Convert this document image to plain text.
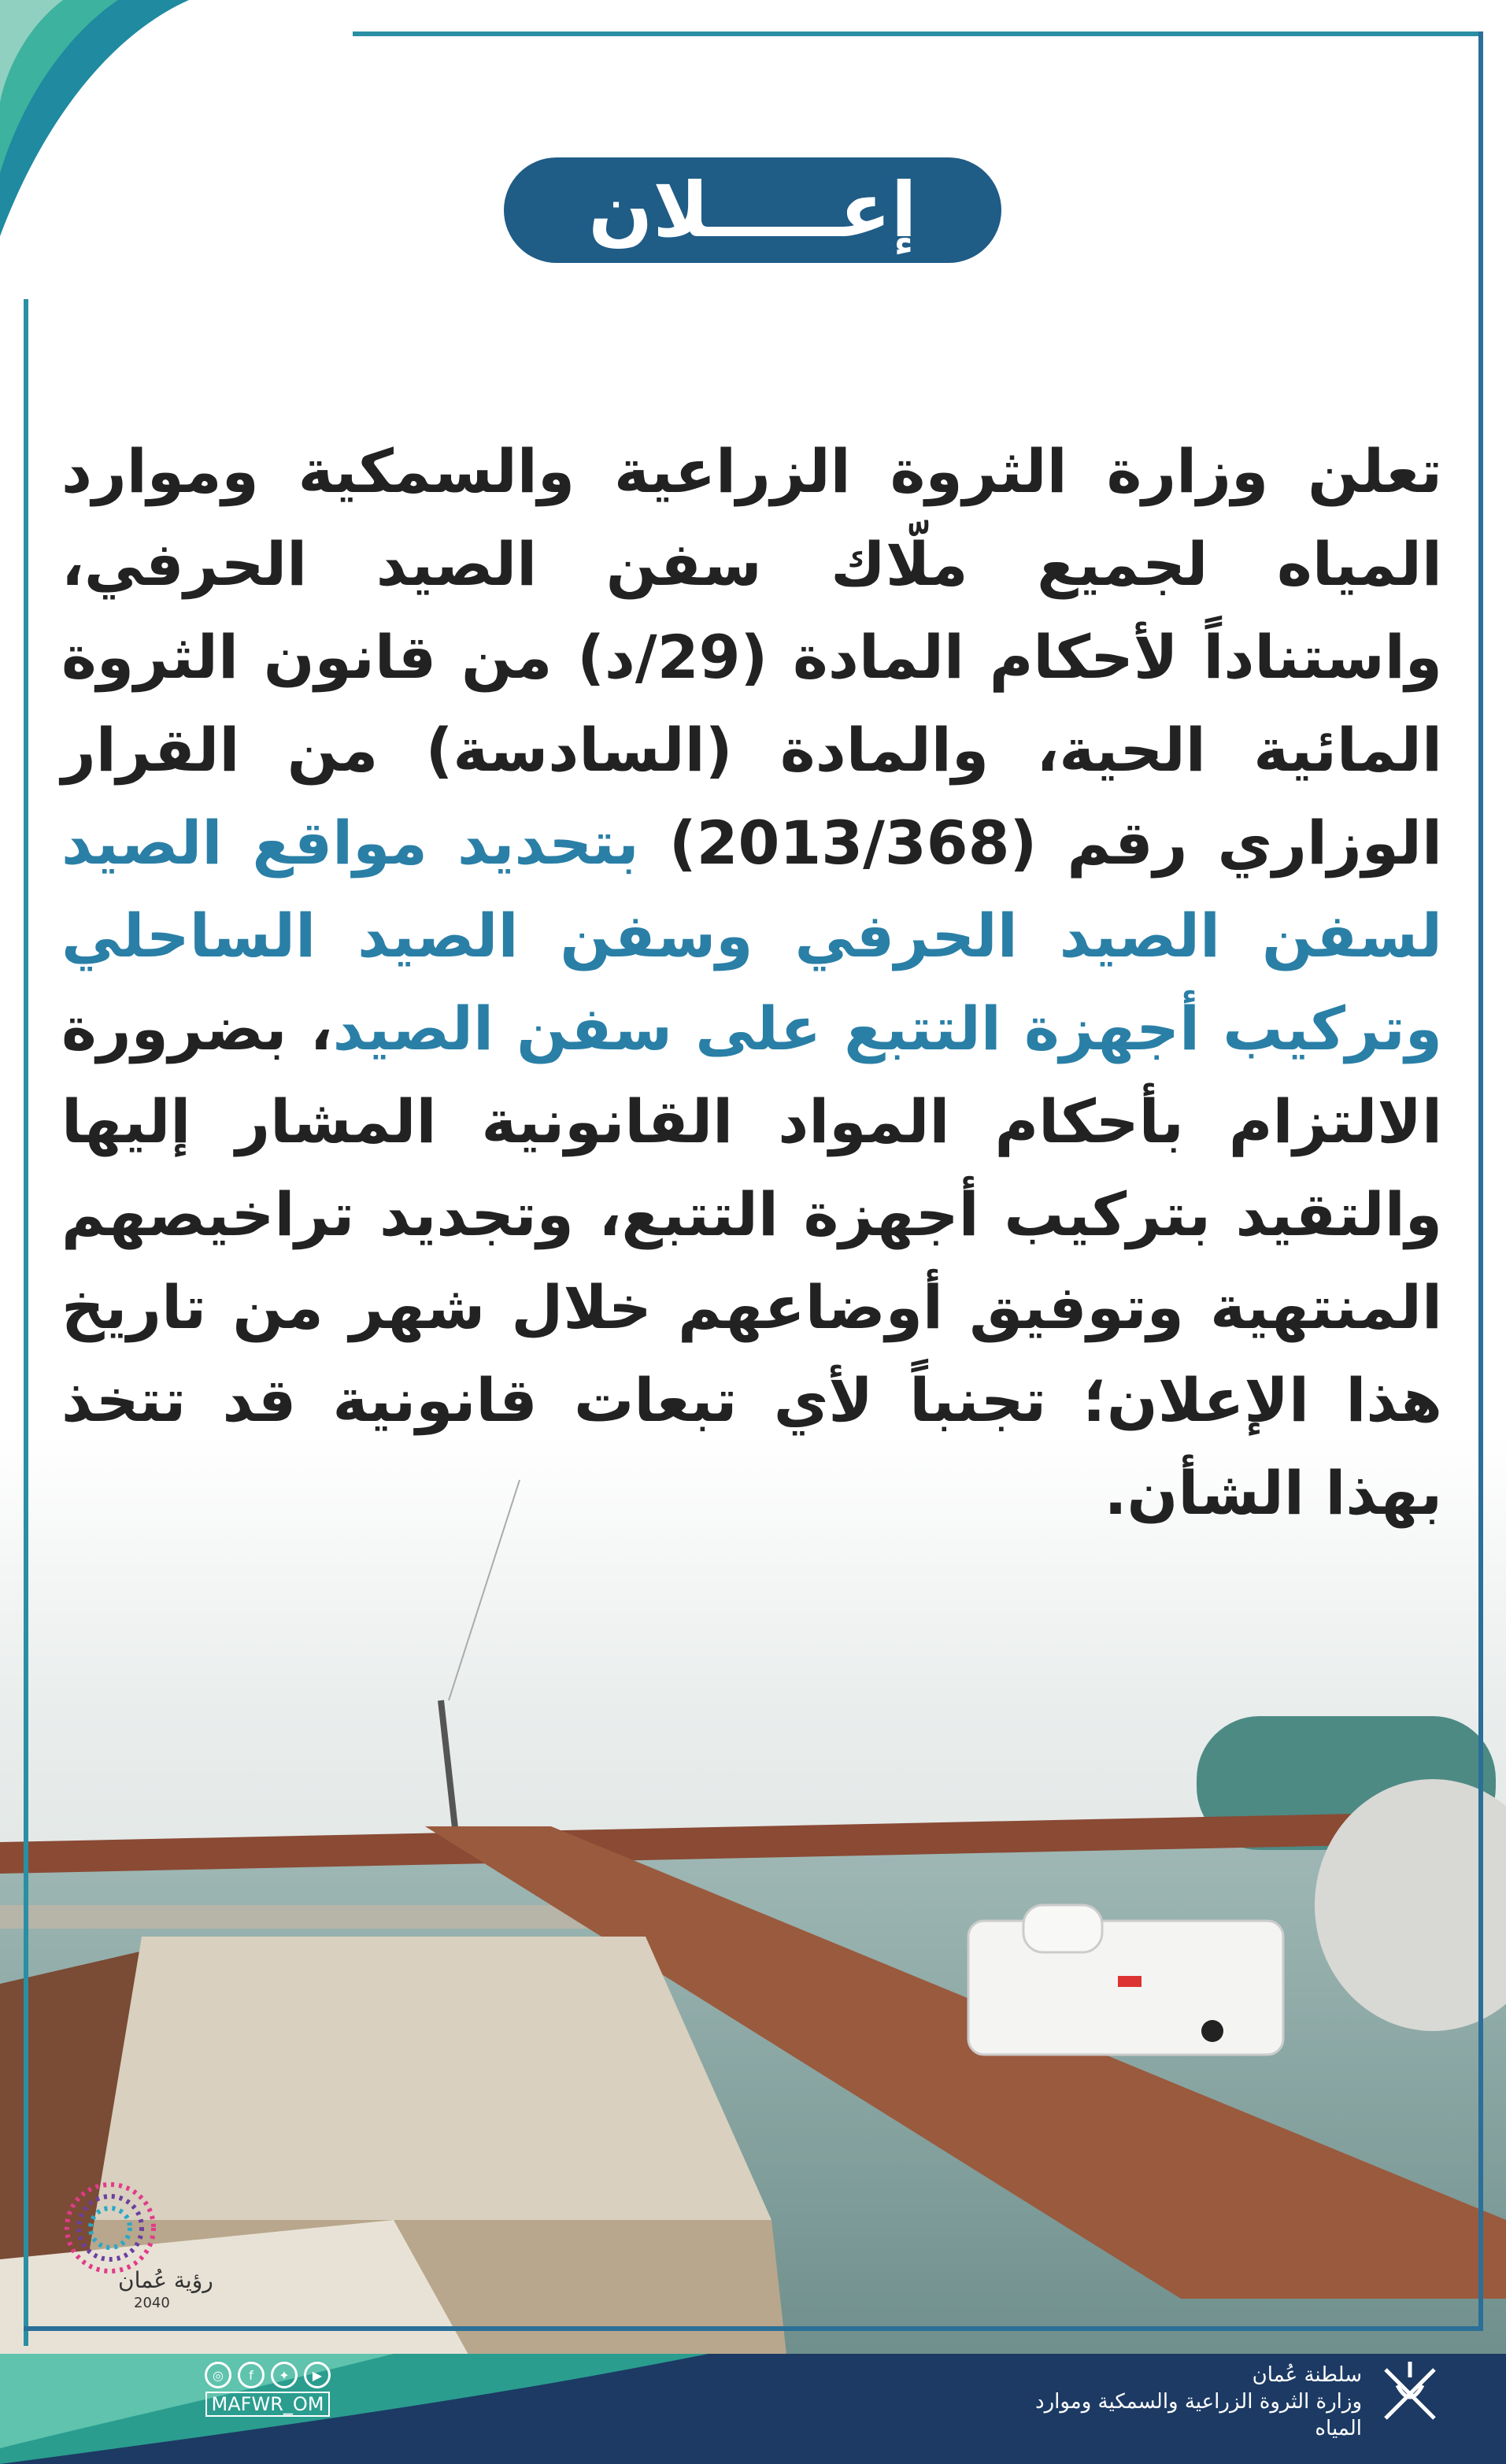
إعـــــلان
تعلن وزارة الثروة الزراعية والسمكية وموارد المياه لجميع ملّاك سفن الصيد الحرفي، واستناداً لأحكام المادة (29/د) من قانون الثروة المائية الحية، والمادة (السادسة) من القرار الوزاري رقم (2013/368) بتحديد مواقع الصيد لسفن الصيد الحرفي وسفن الصيد الساحلي وتركيب أجهزة التتبع على سفن الصيد، بضرورة الالتزام بأحكام المواد القانونية المشار إليها والتقيد بتركيب أجهزة التتبع، وتجديد تراخيصهم المنتهية وتوفيق أوضاعهم خلال شهر من تاريخ هذا الإعلان؛ تجنباً لأي تبعات قانونية قد تتخذ بهذا الشأن.
رؤية عُمان
2040
◎	f	✦	▶
MAFWR_OM
سلطنة عُمان
وزارة الثروة الزراعية والسمكية وموارد المياه
